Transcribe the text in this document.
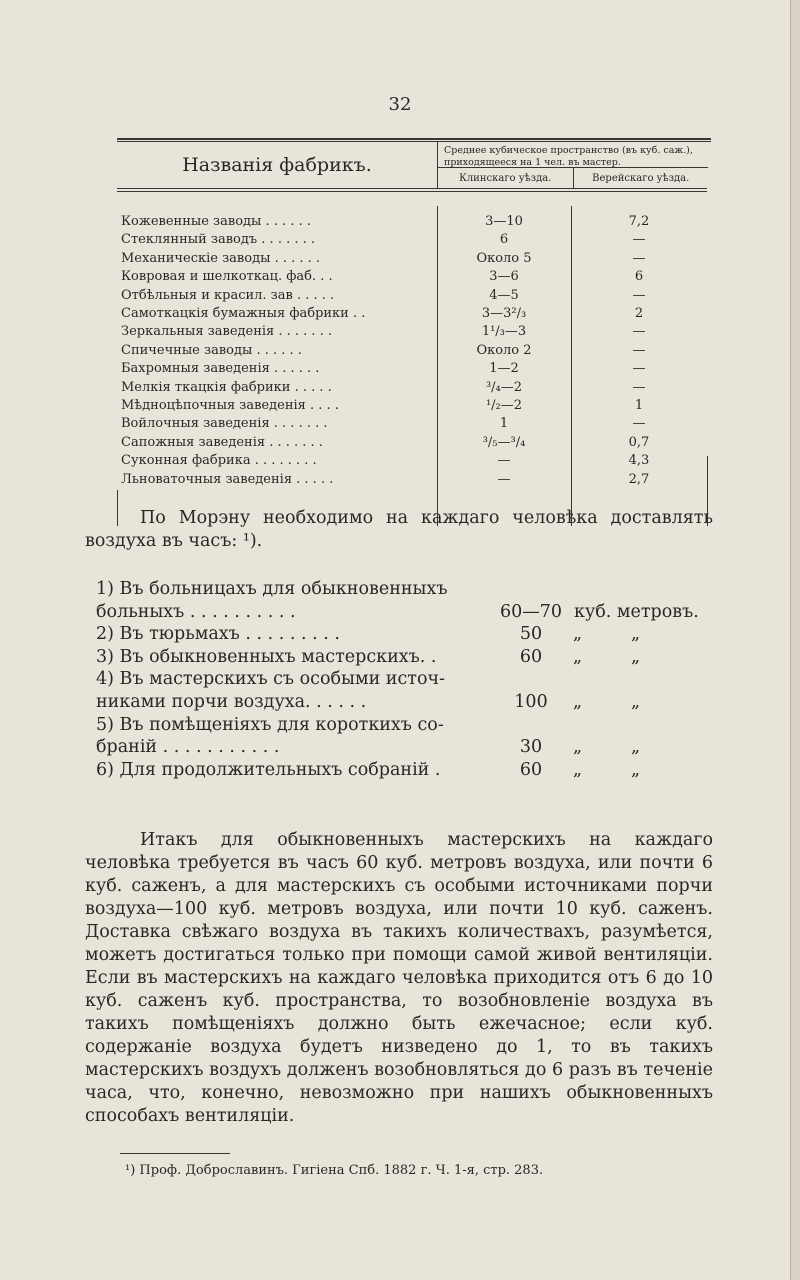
32
Названія фабрикъ.
Среднее кубическое пространство (въ куб. саж.), приходящееся на 1 чел. въ мастер.
Клинскаго уѣзда.	Верейскаго уѣзда.
Кожевенные заводы . . . . . .	3—10	7,2
Стеклянный заводъ . . . . . . .	6	—
Механическіе заводы . . . . . .	Около 5	—
Ковровая и шелкоткац. фаб. . .	3—6	6
Отбѣльныя и красил. зав . . . . .	4—5	—
Самоткацкія бумажныя фабрики . .	3—3²/₃	2
Зеркальныя заведенія . . . . . . .	1¹/₃—3	—
Спичечные заводы . . . . . .	Около 2	—
Бахромныя заведенія . . . . . .	1—2	—
Мелкія ткацкія фабрики . . . . .	³/₄—2	—
Мѣдноцѣпочныя заведенія . . . .	¹/₂—2	1
Войлочныя заведенія . . . . . . .	1	—
Сапожныя заведенія . . . . . . .	³/₅—³/₄	0,7
Суконная фабрика . . . . . . . .	—	4,3
Льноваточныя заведенія . . . . .	—	2,7

По Морэну необходимо на каждаго человѣка доставлять воздуха въ часъ: ¹).

1) Въ больницахъ для обыкновенныхъ
больныхъ . . . . . . . . . .	60—70 куб. метровъ.
2) Въ тюрьмахъ . . . . . . . . .	50	„	„
3) Въ обыкновенныхъ мастерскихъ. .	60	„	„
4) Въ мастерскихъ съ особыми источ-
никами порчи воздуха. . . . . .	100 „	„
5) Въ помѣщеніяхъ для короткихъ со-
браній . . . . . . . . . . .	30	„	„
6) Для продолжительныхъ собраній .	60	„	„

Итакъ для обыкновенныхъ мастерскихъ на каждаго человѣка требуется въ часъ 60 куб. метровъ воздуха, или почти 6 куб. саженъ, а для мастерскихъ съ особыми источниками порчи воздуха—100 куб. метровъ воздуха, или почти 10 куб. саженъ. Доставка свѣжаго воздуха въ такихъ количествахъ, разумѣется, можетъ достигаться только при помощи самой живой вентиляціи. Если въ мастерскихъ на каждаго человѣка приходится отъ 6 до 10 куб. саженъ куб. пространства, то возобновленіе воздуха въ такихъ помѣщеніяхъ должно быть ежечасное; если куб. содержаніе воздуха будетъ низведено до 1, то въ такихъ мастерскихъ воздухъ долженъ возобновляться до 6 разъ въ теченіе часа, что, конечно, невозможно при нашихъ обыкновенныхъ способахъ вентиляціи.

¹) Проф. Доброславинъ. Гигіена Спб. 1882 г. Ч. 1-я, стр. 283.
